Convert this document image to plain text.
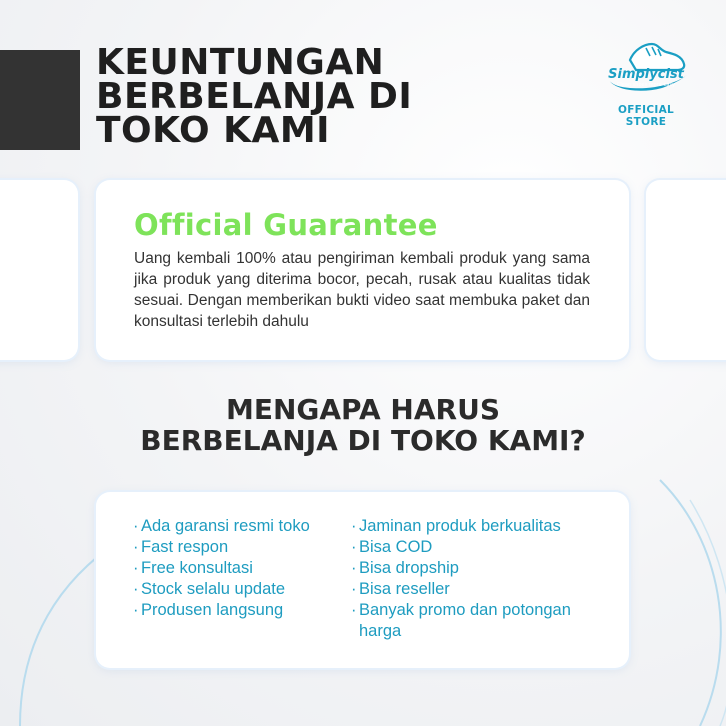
KEUNTUNGAN
BERBELANJA DI
TOKO KAMI
Simplycist
Clean shoes more easy
OFFICIAL STORE
Official Guarantee

Uang kembali 100% atau pengiriman kembali produk yang sama jika produk yang diterima bocor, pecah, rusak atau kualitas tidak sesuai. Dengan memberikan bukti video saat membuka paket dan konsultasi terlebih dahulu

MENGAPA HARUS
BERBELANJA DI TOKO KAMI?
· Ada garansi resmi toko
· Fast respon
· Free konsultasi
· Stock selalu update
· Produsen langsung
· Jaminan produk berkualitas
· Bisa COD
· Bisa dropship
· Bisa reseller
· Banyak promo dan potongan harga
